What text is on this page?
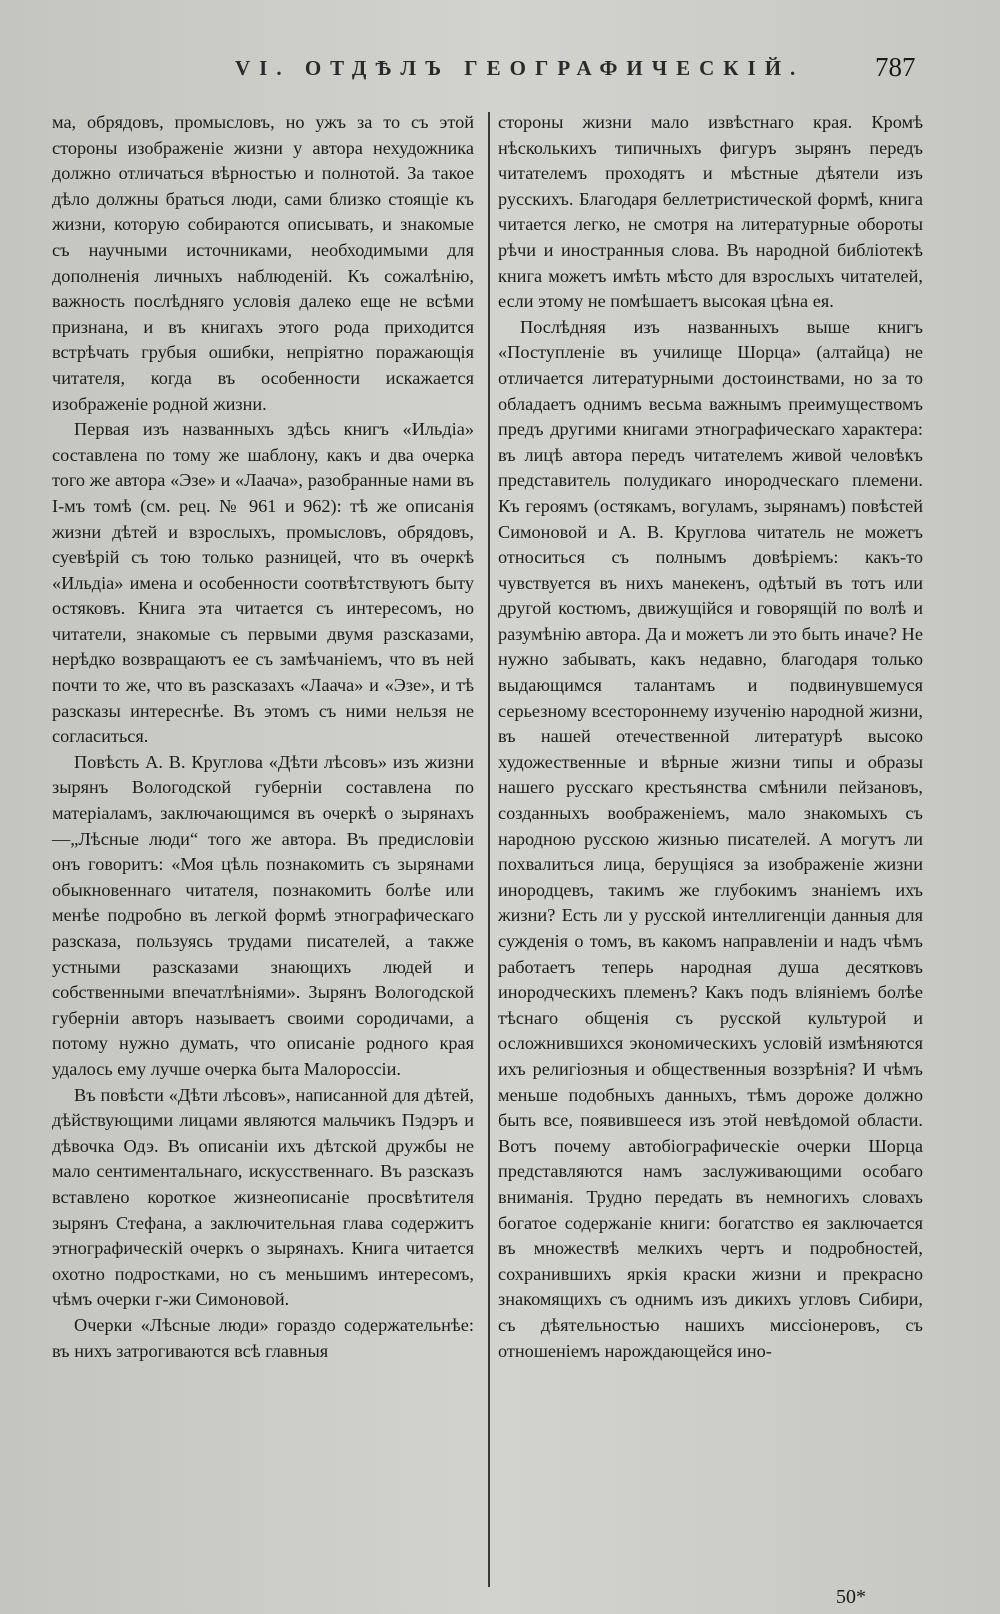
VI. ОТДѢЛЪ ГЕОГРАФИЧЕСКІЙ.	787

ма, обрядовъ, промысловъ, но ужъ за то съ этой стороны изображеніе жизни у автора нехудожника должно отличаться вѣрностью и полнотой. За такое дѣло должны браться люди, сами близко стоящіе къ жизни, которую собираются описывать, и знакомые съ научными источниками, необходимыми для дополненія личныхъ наблюденій. Къ сожалѣнію, важность послѣдняго условія далеко еще не всѣми признана, и въ книгахъ этого рода приходится встрѣчать грубыя ошибки, непріятно поражающія читателя, когда въ особенности искажается изображеніе родной жизни.

Первая изъ названныхъ здѣсь книгъ «Ильдіа» составлена по тому же шаблону, какъ и два очерка того же автора «Эзе» и «Лаача», разобранные нами въ І-мъ томѣ (см. рец. № 961 и 962): тѣ же описанія жизни дѣтей и взрослыхъ, промысловъ, обрядовъ, суевѣрій съ тою только разницей, что въ очеркѣ «Ильдіа» имена и особенности соотвѣтствуютъ быту остяковъ. Книга эта читается съ интересомъ, но читатели, знакомые съ первыми двумя разсказами, нерѣдко возвращаютъ ее съ замѣчаніемъ, что въ ней почти то же, что въ разсказахъ «Лаача» и «Эзе», и тѣ разсказы интереснѣе. Въ этомъ съ ними нельзя не согласиться.

Повѣсть А. В. Круглова «Дѣти лѣсовъ» изъ жизни зырянъ Вологодской губерніи составлена по матеріаламъ, заключающимся въ очеркѣ о зырянахъ—„Лѣсные люди“ того же автора. Въ предисловіи онъ говоритъ: «Моя цѣль познакомить съ зырянами обыкновеннаго читателя, познакомить болѣе или менѣе подробно въ легкой формѣ этнографическаго разсказа, пользуясь трудами писателей, а также устными разсказами знающихъ людей и собственными впечатлѣніями». Зырянъ Вологодской губерніи авторъ называетъ своими сородичами, а потому нужно думать, что описаніе родного края удалось ему лучше очерка быта Малороссіи.

Въ повѣсти «Дѣти лѣсовъ», написанной для дѣтей, дѣйствующими лицами являются мальчикъ Пэдэръ и дѣвочка Одэ. Въ описаніи ихъ дѣтской дружбы не мало сентиментальнаго, искусственнаго. Въ разсказъ вставлено короткое жизнеописаніе просвѣтителя зырянъ Стефана, а заключительная глава содержитъ этнографическій очеркъ о зырянахъ. Книга читается охотно подростками, но съ меньшимъ интересомъ, чѣмъ очерки г-жи Симоновой.

Очерки «Лѣсные люди» гораздо содержательнѣе: въ нихъ затрогиваются всѣ главныя

стороны жизни мало извѣстнаго края. Кромѣ нѣсколькихъ типичныхъ фигуръ зырянъ передъ читателемъ проходятъ и мѣстные дѣятели изъ русскихъ. Благодаря беллетристической формѣ, книга читается легко, не смотря на литературные обороты рѣчи и иностранныя слова. Въ народной библіотекѣ книга можетъ имѣть мѣсто для взрослыхъ читателей, если этому не помѣшаетъ высокая цѣна ея.

Послѣдняя изъ названныхъ выше книгъ «Поступленіе въ училище Шорца» (алтайца) не отличается литературными достоинствами, но за то обладаетъ однимъ весьма важнымъ преимуществомъ предъ другими книгами этнографическаго характера: въ лицѣ автора передъ читателемъ живой человѣкъ представитель полудикаго инородческаго племени. Къ героямъ (остякамъ, вогуламъ, зырянамъ) повѣстей Симоновой и А. В. Круглова читатель не можетъ относиться съ полнымъ довѣріемъ: какъ-то чувствуется въ нихъ манекенъ, одѣтый въ тотъ или другой костюмъ, движущійся и говорящій по волѣ и разумѣнію автора. Да и можетъ ли это быть иначе? Не нужно забывать, какъ недавно, благодаря только выдающимся талантамъ и подвинувшемуся серьезному всестороннему изученію народной жизни, въ нашей отечественной литературѣ высоко художественные и вѣрные жизни типы и образы нашего русскаго крестьянства смѣнили пейзановъ, созданныхъ воображеніемъ, мало знакомыхъ съ народною русскою жизнью писателей. А могутъ ли похвалиться лица, берущіяся за изображеніе жизни инородцевъ, такимъ же глубокимъ знаніемъ ихъ жизни? Есть ли у русской интеллигенціи данныя для сужденія о томъ, въ какомъ направленіи и надъ чѣмъ работаетъ теперь народная душа десятковъ инородческихъ племенъ? Какъ подъ вліяніемъ болѣе тѣснаго общенія съ русской культурой и осложнившихся экономическихъ условій измѣняются ихъ религіозныя и общественныя воззрѣнія? И чѣмъ меньше подобныхъ данныхъ, тѣмъ дороже должно быть все, появившееся изъ этой невѣдомой области. Вотъ почему автобіографическіе очерки Шорца представляются намъ заслуживающими особаго вниманія. Трудно передать въ немногихъ словахъ богатое содержаніе книги: богатство ея заключается въ множествѣ мелкихъ чертъ и подробностей, сохранившихъ яркія краски жизни и прекрасно знакомящихъ съ однимъ изъ дикихъ угловъ Сибири, съ дѣятельностью нашихъ миссіонеровъ, съ отношеніемъ нарождающейся ино-

50*
